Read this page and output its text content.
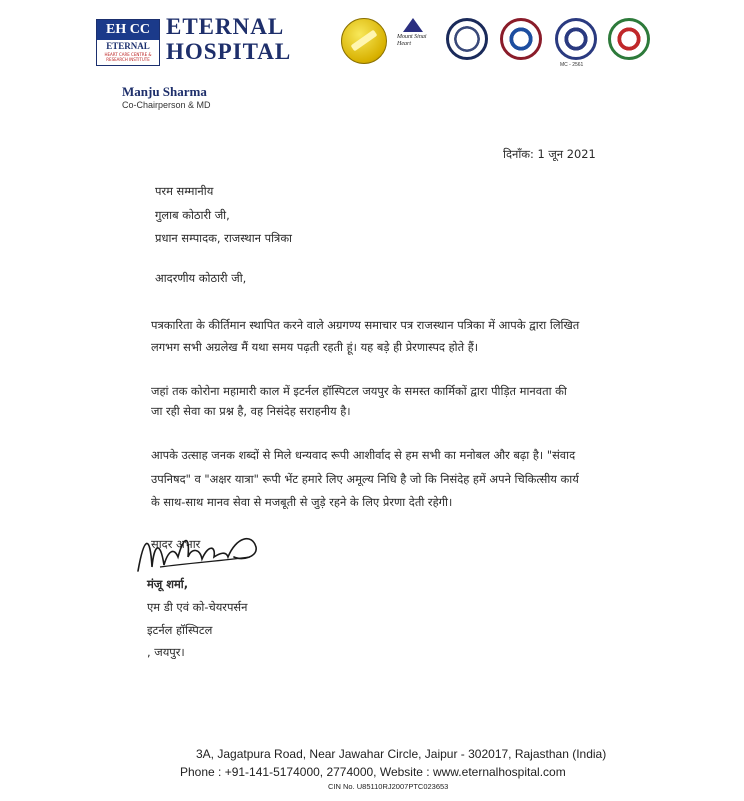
EH CC
ETERNAL
HEART CARE CENTRE & RESEARCH INSTITUTE
ETERNAL
HOSPITAL
Manju Sharma
Co-Chairperson & MD
Mount Sinai Heart
MC - 2561
दिनाँक: 1 जून 2021
परम सम्मानीय
गुलाब कोठारी जी,
प्रधान सम्पादक, राजस्थान पत्रिका
आदरणीय कोठारी जी,
पत्रकारिता के कीर्तिमान स्थापित करने वाले अग्रगण्य समाचार पत्र राजस्थान पत्रिका में आपके द्वारा लिखित
लगभग सभी अग्रलेख मैं यथा समय पढ़ती रहती हूं। यह बड़े ही प्रेरणास्पद होते हैं।
जहां तक कोरोना महामारी काल में इटर्नल हॉस्पिटल जयपुर के समस्त कार्मिकों द्वारा पीड़ित मानवता की
जा रही सेवा का प्रश्न है, वह निसंदेह सराहनीय है।
आपके उत्साह जनक शब्दों से मिले धन्यवाद रूपी आशीर्वाद से हम सभी का मनोबल और बढ़ा है। "संवाद
उपनिषद" व "अक्षर यात्रा" रूपी भेंट हमारे लिए अमूल्य निधि है जो कि निसंदेह हमें अपने चिकित्सीय कार्य
के साथ-साथ मानव सेवा से मजबूती से जुड़े रहने के लिए प्रेरणा देती रहेगी।
सादर अभार
मंजू शर्मा,
एम डी एवं को-चेयरपर्सन
इटर्नल हॉस्पिटल
, जयपुर।
3A, Jagatpura Road, Near Jawahar Circle, Jaipur - 302017, Rajasthan (India)
Phone : +91-141-5174000, 2774000, Website : www.eternalhospital.com
CIN No. U85110RJ2007PTC023653
